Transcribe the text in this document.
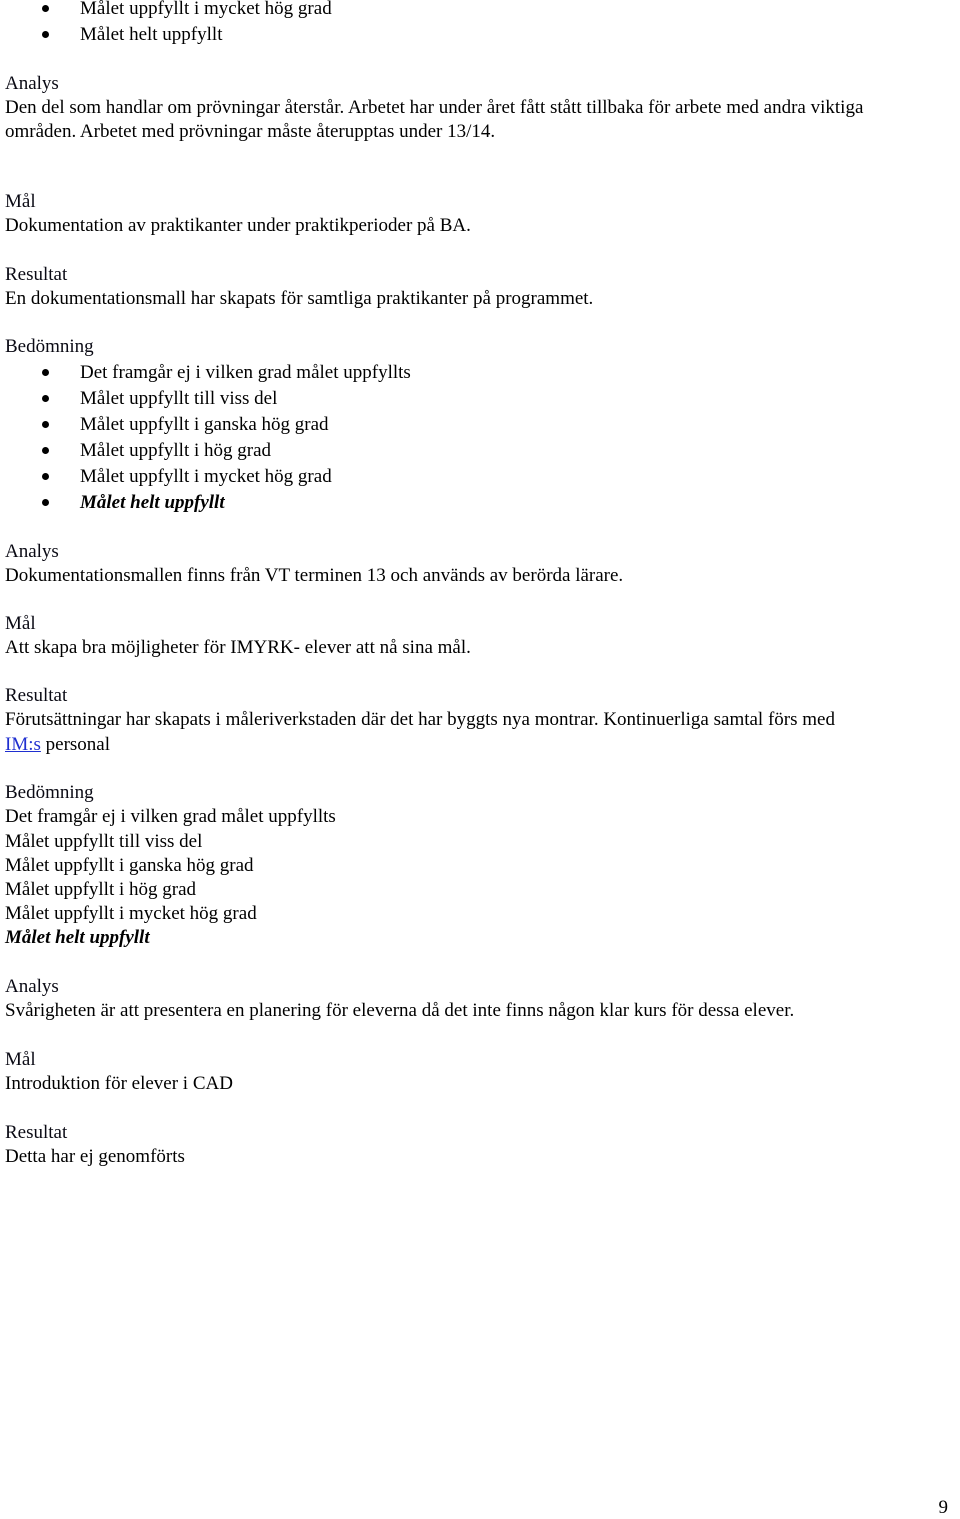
Målet uppfyllt i mycket hög grad

Målet helt uppfyllt

Analys

Den del som handlar om prövningar återstår. Arbetet har under året fått stått tillbaka för arbete med andra viktiga

områden. Arbetet med prövningar måste återupptas under 13/14.

Mål

Dokumentation av praktikanter under praktikperioder på BA.

Resultat

En dokumentationsmall har skapats för samtliga praktikanter på programmet.

Bedömning

Det framgår ej i vilken grad målet uppfyllts

Målet uppfyllt till viss del

Målet uppfyllt i ganska hög grad

Målet uppfyllt i hög grad

Målet uppfyllt i mycket hög grad

Målet helt uppfyllt

Analys

Dokumentationsmallen finns från VT terminen 13 och används av berörda lärare.

Mål

Att skapa bra möjligheter för IMYRK- elever att nå sina mål.

Resultat

Förutsättningar har skapats i måleriverkstaden där det har byggts nya montrar. Kontinuerliga samtal förs med

IM:s personal

Bedömning

Det framgår ej i vilken grad målet uppfyllts

Målet uppfyllt till viss del

Målet uppfyllt i ganska hög grad

Målet uppfyllt i hög grad

Målet uppfyllt i mycket hög grad

Målet helt uppfyllt

Analys

Svårigheten är att presentera en planering för eleverna då det inte finns någon klar kurs för dessa elever.

Mål

Introduktion för elever i CAD

Resultat

Detta har ej genomförts

9
